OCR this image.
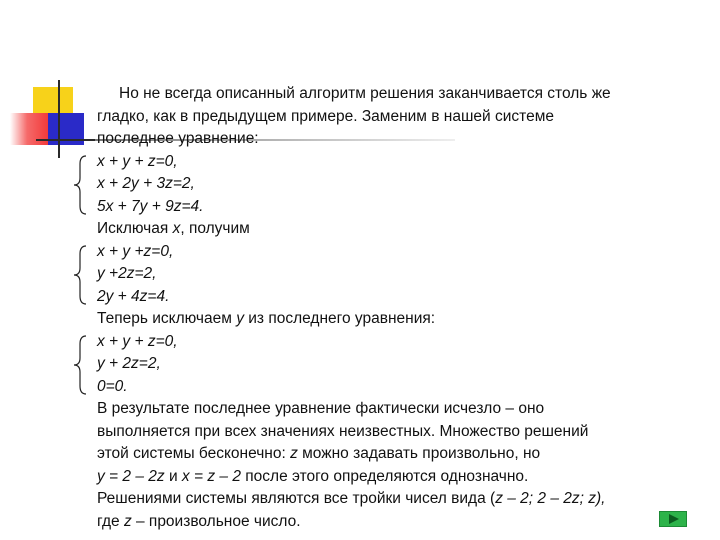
Но не всегда описанный алгоритм решения заканчивается столь же
гладко, как в предыдущем примере. Заменим в нашей системе
последнее уравнение:
x + y + z=0,
x + 2y + 3z=2,
5x + 7y + 9z=4.
Исключая x, получим
x + y +z=0,
y +2z=2,
2y + 4z=4.
Теперь исключаем y из последнего уравнения:
x + y + z=0,
y + 2z=2,
0=0.
В результате последнее уравнение фактически исчезло – оно
выполняется при всех значениях неизвестных. Множество решений
этой системы бесконечно: z можно задавать произвольно, но
y = 2 – 2z и x = z – 2 после этого определяются однозначно.
Решениями системы являются все тройки чисел вида (z – 2; 2 – 2z; z),
где z – произвольное число.
